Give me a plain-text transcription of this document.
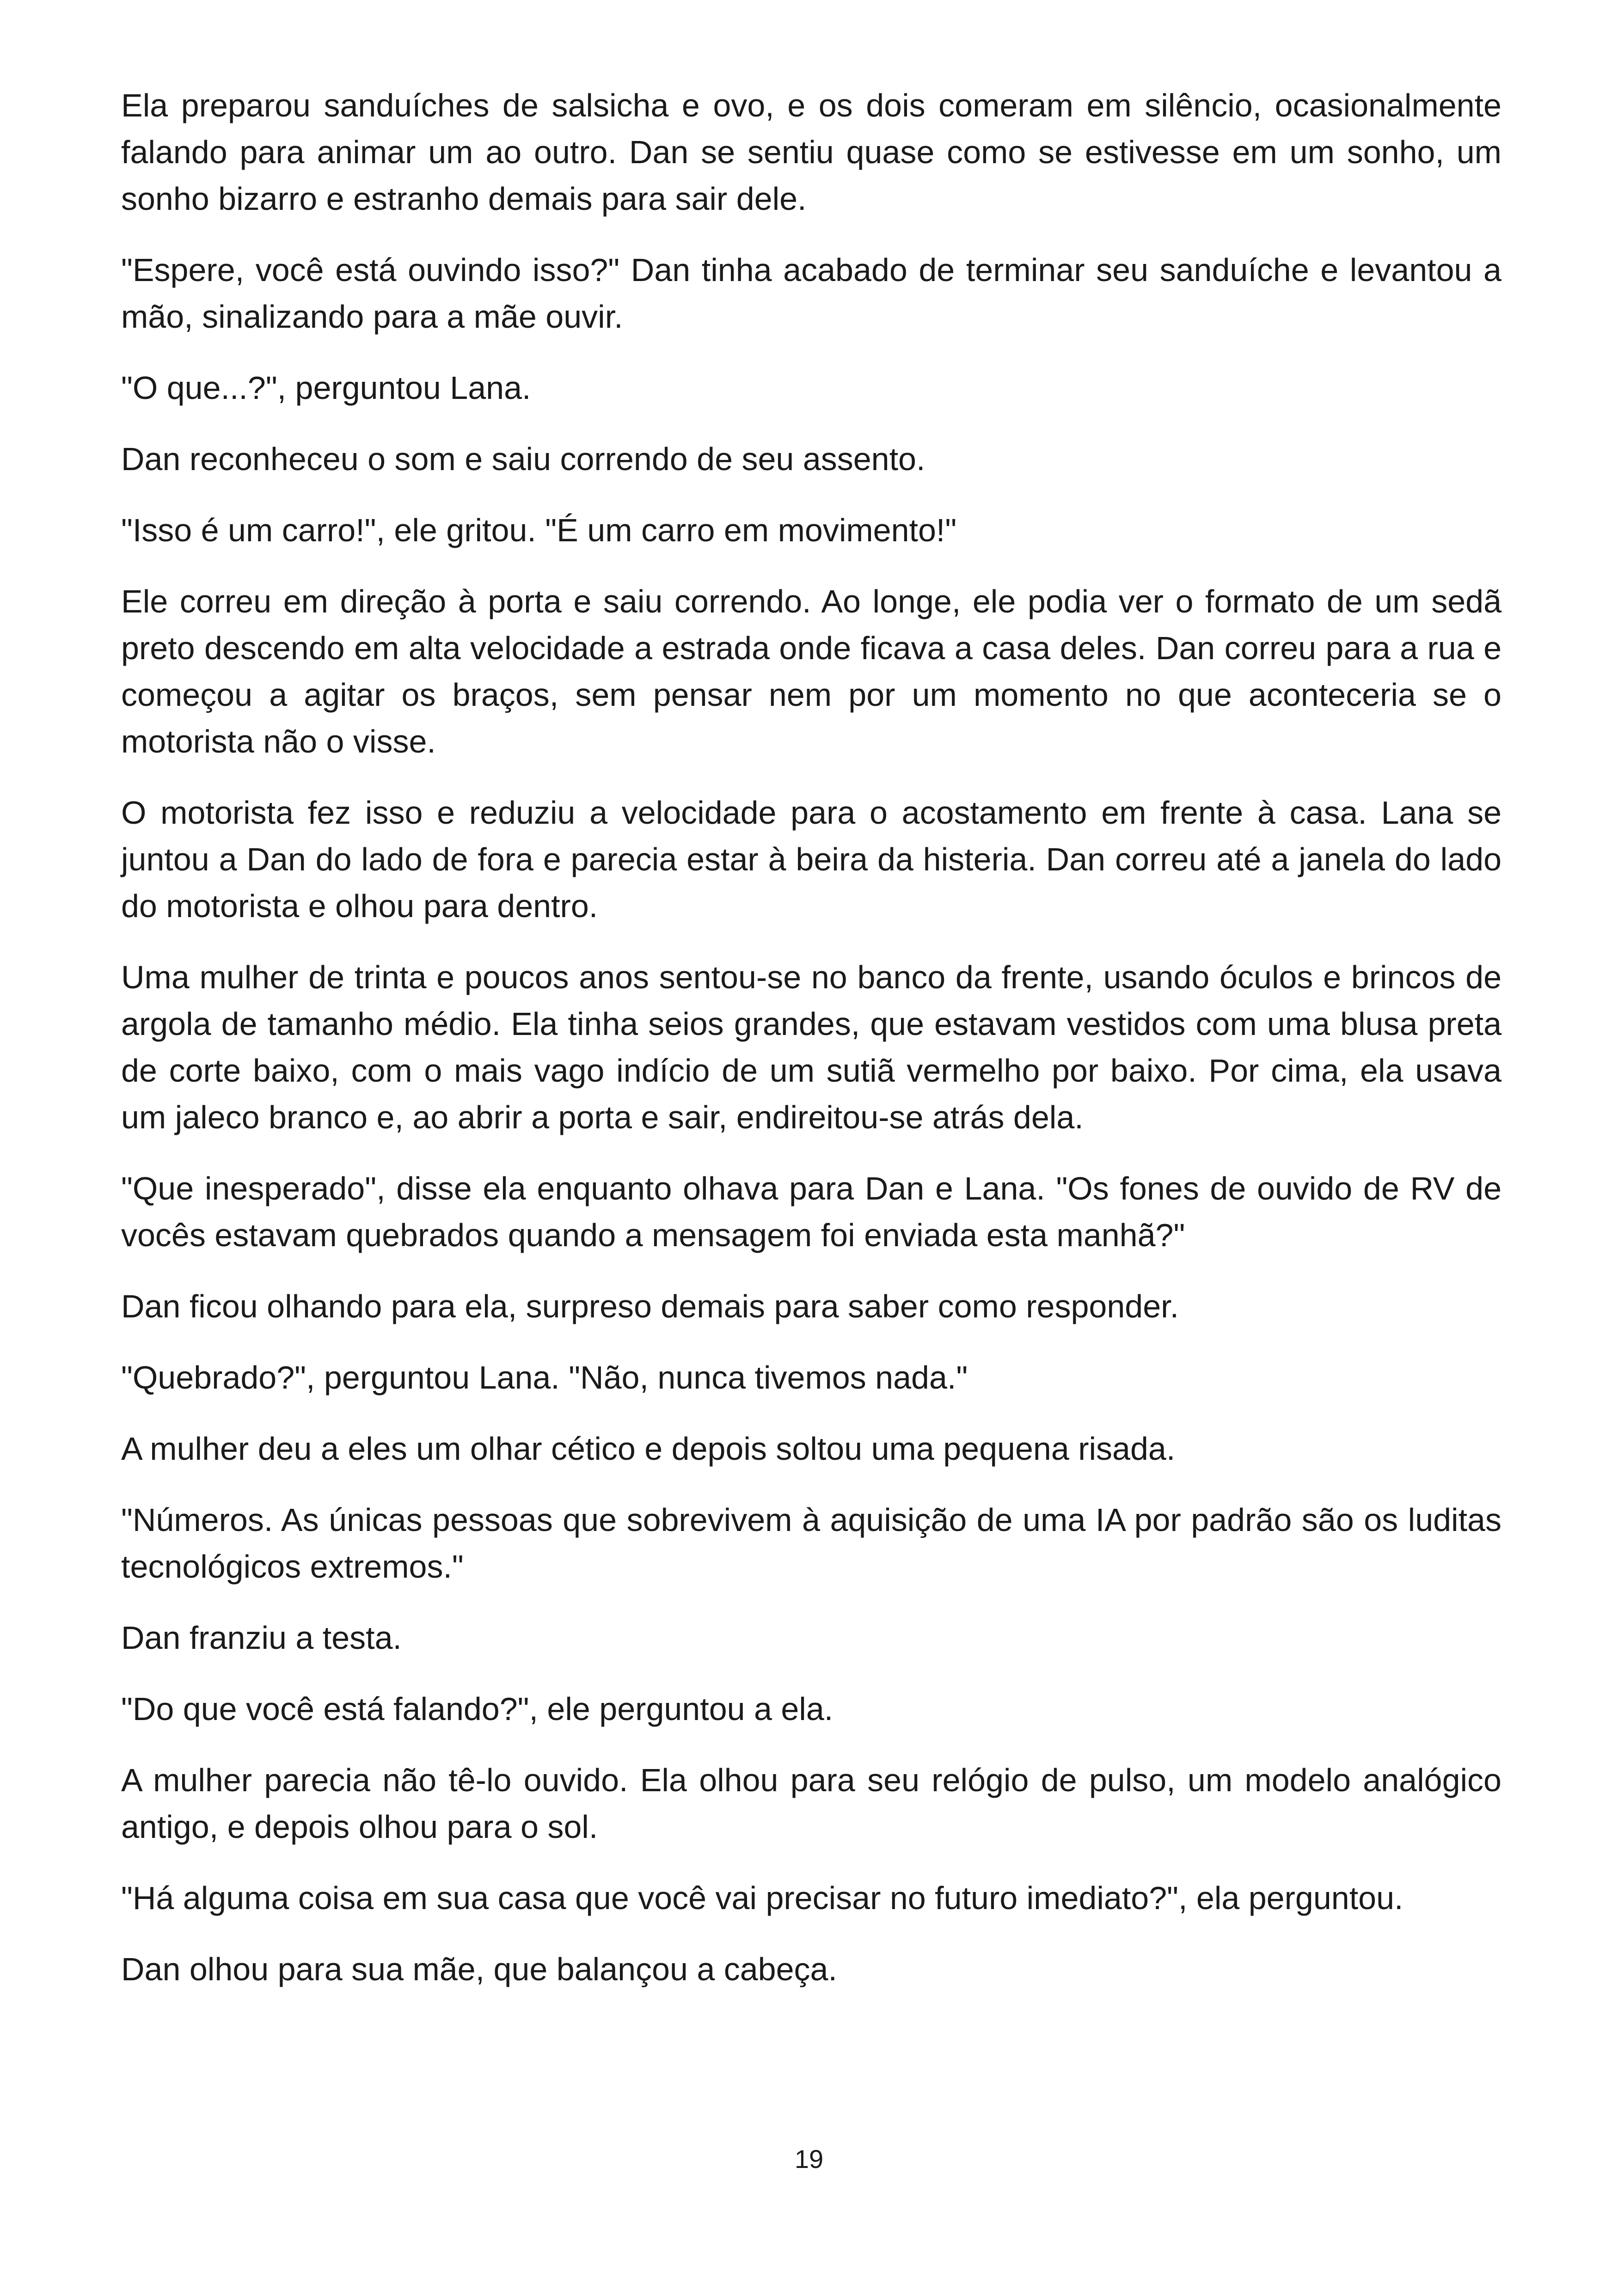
Ela preparou sanduíches de salsicha e ovo, e os dois comeram em silêncio, ocasionalmente falando para animar um ao outro. Dan se sentiu quase como se estivesse em um sonho, um sonho bizarro e estranho demais para sair dele.

"Espere, você está ouvindo isso?" Dan tinha acabado de terminar seu sanduíche e levantou a mão, sinalizando para a mãe ouvir.

"O que...?", perguntou Lana.

Dan reconheceu o som e saiu correndo de seu assento.

"Isso é um carro!", ele gritou. "É um carro em movimento!"

Ele correu em direção à porta e saiu correndo. Ao longe, ele podia ver o formato de um sedã preto descendo em alta velocidade a estrada onde ficava a casa deles. Dan correu para a rua e começou a agitar os braços, sem pensar nem por um momento no que aconteceria se o motorista não o visse.

O motorista fez isso e reduziu a velocidade para o acostamento em frente à casa. Lana se juntou a Dan do lado de fora e parecia estar à beira da histeria. Dan correu até a janela do lado do motorista e olhou para dentro.

Uma mulher de trinta e poucos anos sentou-se no banco da frente, usando óculos e brincos de argola de tamanho médio. Ela tinha seios grandes, que estavam vestidos com uma blusa preta de corte baixo, com o mais vago indício de um sutiã vermelho por baixo. Por cima, ela usava um jaleco branco e, ao abrir a porta e sair, endireitou-se atrás dela.

"Que inesperado", disse ela enquanto olhava para Dan e Lana. "Os fones de ouvido de RV de vocês estavam quebrados quando a mensagem foi enviada esta manhã?"

Dan ficou olhando para ela, surpreso demais para saber como responder.

"Quebrado?", perguntou Lana. "Não, nunca tivemos nada."

A mulher deu a eles um olhar cético e depois soltou uma pequena risada.

"Números. As únicas pessoas que sobrevivem à aquisição de uma IA por padrão são os luditas tecnológicos extremos."

Dan franziu a testa.

"Do que você está falando?", ele perguntou a ela.

A mulher parecia não tê-lo ouvido. Ela olhou para seu relógio de pulso, um modelo analógico antigo, e depois olhou para o sol.

"Há alguma coisa em sua casa que você vai precisar no futuro imediato?", ela perguntou.

Dan olhou para sua mãe, que balançou a cabeça.

19
